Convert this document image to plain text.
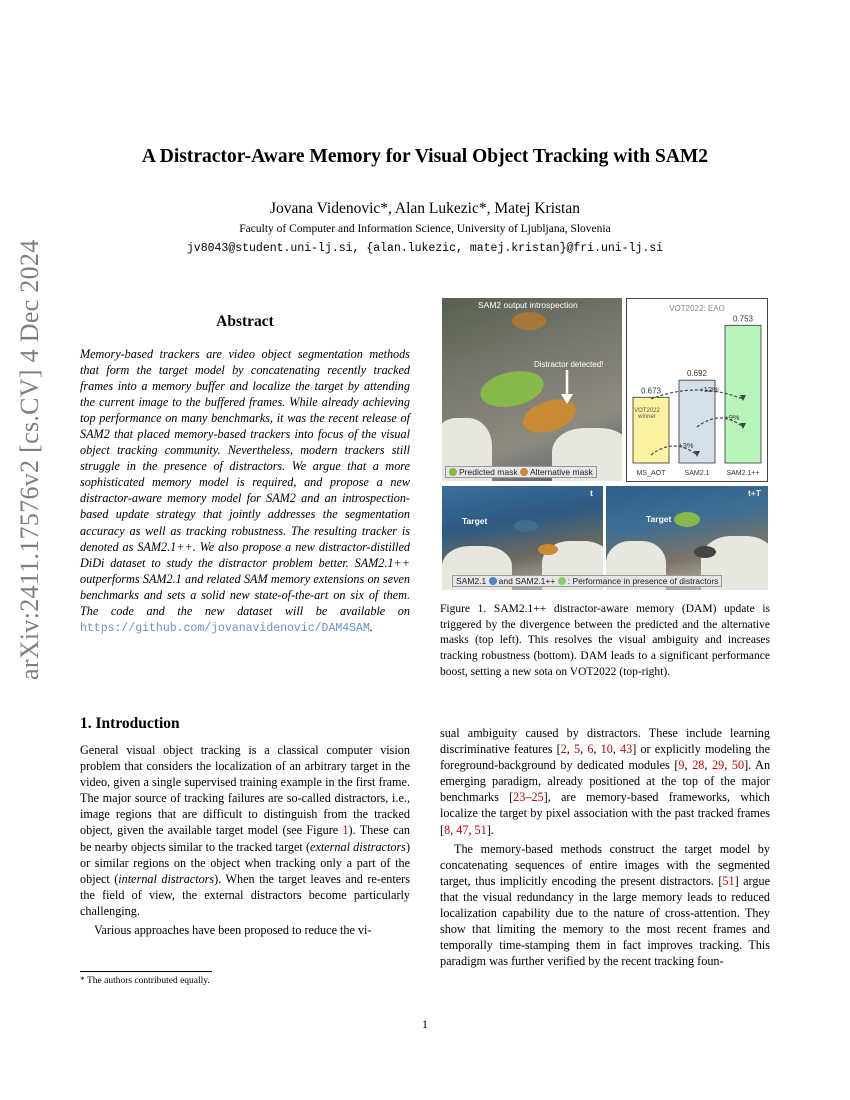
arXiv:2411.17576v2 [cs.CV] 4 Dec 2024
A Distractor-Aware Memory for Visual Object Tracking with SAM2
Jovana Videnovic*, Alan Lukezic*, Matej Kristan
Faculty of Computer and Information Science, University of Ljubljana, Slovenia
jv8043@student.uni-lj.si, {alan.lukezic, matej.kristan}@fri.uni-lj.si
Abstract
Memory-based trackers are video object segmentation methods that form the target model by concatenating recently tracked frames into a memory buffer and localize the target by attending the current image to the buffered frames. While already achieving top performance on many benchmarks, it was the recent release of SAM2 that placed memory-based trackers into focus of the visual object tracking community. Nevertheless, modern trackers still struggle in the presence of distractors. We argue that a more sophisticated memory model is required, and propose a new distractor-aware memory model for SAM2 and an introspection-based update strategy that jointly addresses the segmentation accuracy as well as tracking robustness. The resulting tracker is denoted as SAM2.1++. We also propose a new distractor-distilled DiDi dataset to study the distractor problem better. SAM2.1++ outperforms SAM2.1 and related SAM memory extensions on seven benchmarks and sets a solid new state-of-the-art on six of them. The code and the new dataset will be available on https://github.com/jovanavidenovic/DAM4SAM.
1. Introduction

General visual object tracking is a classical computer vision problem that considers the localization of an arbitrary target in the video, given a single supervised training example in the first frame. The major source of tracking failures are so-called distractors, i.e., image regions that are difficult to distinguish from the tracked object, given the available target model (see Figure 1). These can be nearby objects similar to the tracked target (external distractors) or similar regions on the object when tracking only a part of the object (internal distractors). When the target leaves and re-enters the field of view, the external distractors become particularly challenging.

Various approaches have been proposed to reduce the vi-

sual ambiguity caused by distractors. These include learning discriminative features [2, 5, 6, 10, 43] or explicitly modeling the foreground-background by dedicated modules [9, 28, 29, 50]. An emerging paradigm, already positioned at the top of the major benchmarks [23–25], are memory-based frameworks, which localize the target by pixel association with the past tracked frames [8, 47, 51].

The memory-based methods construct the target model by concatenating sequences of entire images with the segmented target, thus implicitly encoding the present distractors. [51] argue that the visual redundancy in the large memory leads to reduced localization capability due to the nature of cross-attention. They show that limiting the memory to the most recent frames and temporally time-stamping them in fact improves tracking. This paradigm was further verified by the recent tracking foun-

* The authors contributed equally.
1
SAM2 output introspection
Distractor detected!
Predicted mask Alternative mask
VOT2022: EAO
0.673
MS_AOT
0.692
SAM2.1
0.753
SAM2.1++
+3%
+9%
+12%
VOT2022 winner
t
Target
t+T
Target
SAM2.1 and SAM2.1++ : Performance in presence of distractors
Figure 1. SAM2.1++ distractor-aware memory (DAM) update is triggered by the divergence between the predicted and the alternative masks (top left). This resolves the visual ambiguity and increases tracking robustness (bottom). DAM leads to a significant performance boost, setting a new sota on VOT2022 (top-right).
